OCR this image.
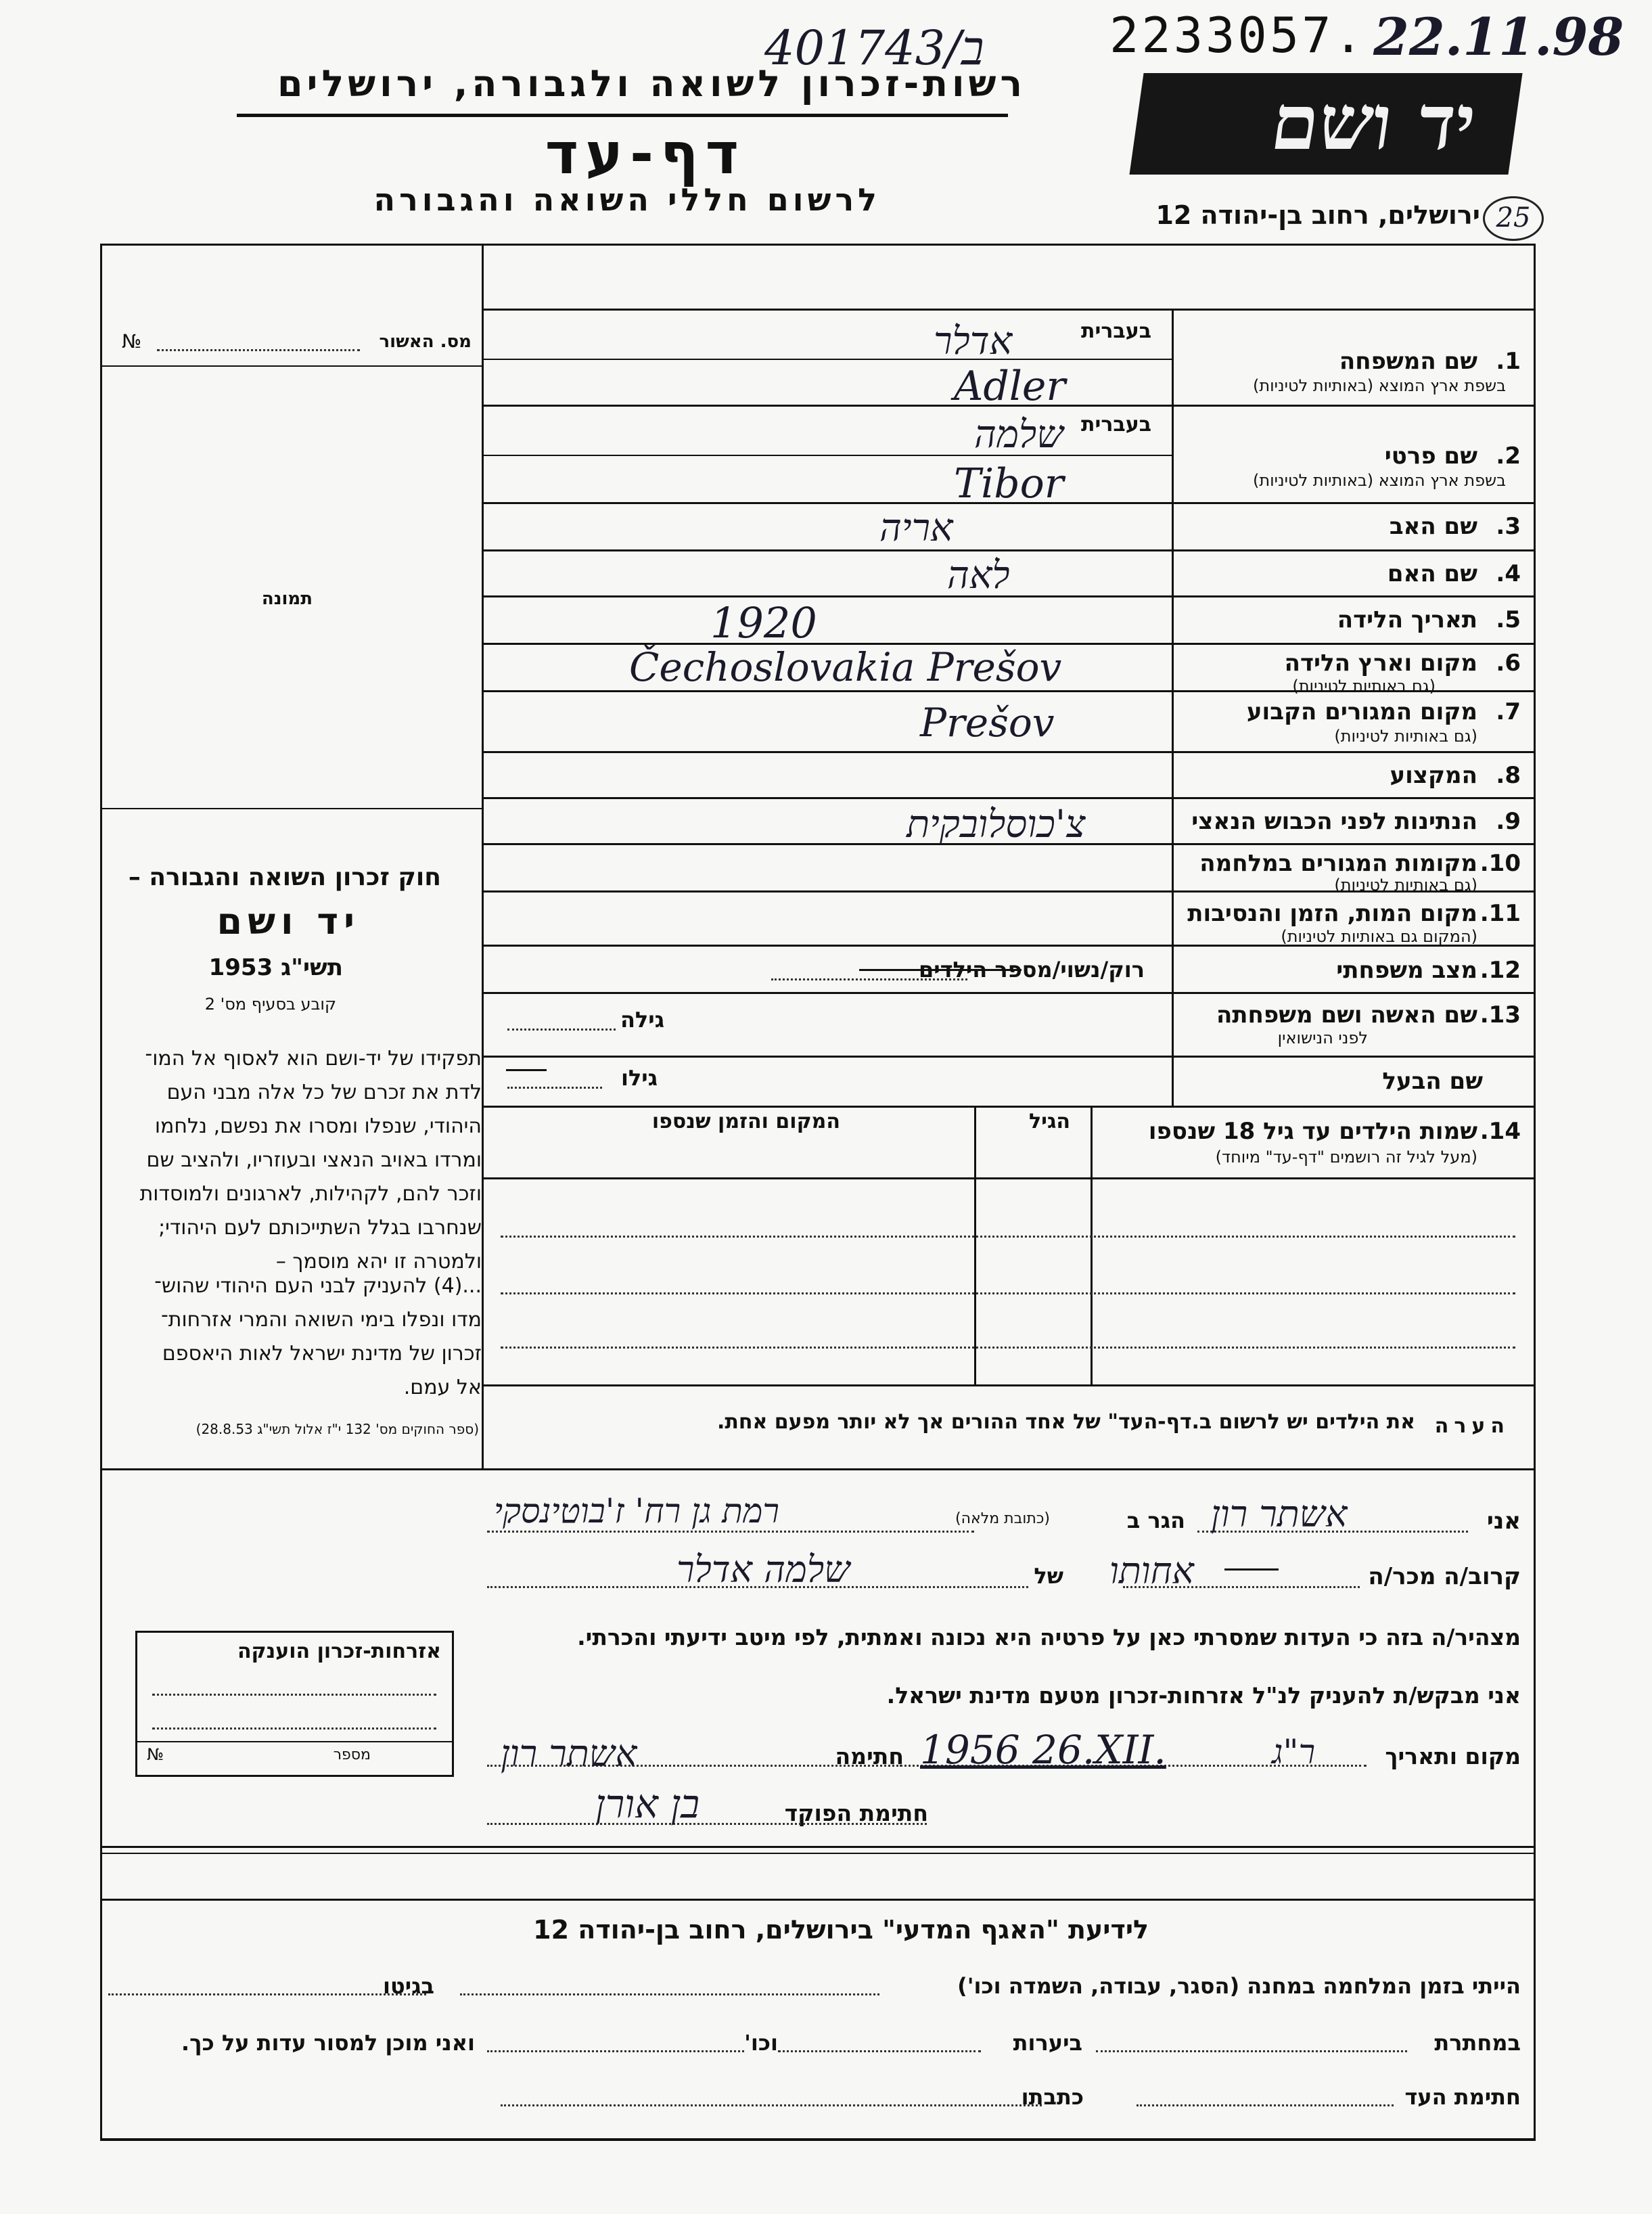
401743/ב	2233057. 22.11.98
רשות-זכרון לשואה ולגבורה, ירושלים
דף-עד
לרשום חללי השואה והגבורה
יד ושם
ירושלים, רחוב בן-יהודה 12 25
מס. האשור
№
תמונה
חוק זכרון השואה והגבורה –
יד ושם
תשי"ג 1953
קובע בסעיף מס' 2
תפקידו של יד-ושם הוא לאסוף אל המו־
לדת את זכרם של כל אלה מבני העם
היהודי, שנפלו ומסרו את נפשם, נלחמו
ומרדו באויב הנאצי ובעוזריו, ולהציב שם
וזכר להם, לקהילות, לארגונים ולמוסדות
שנחרבו בגלל השתייכותם לעם היהודי;
ולמטרה זו יהא מוסמך –
...(4) להעניק לבני העם היהודי שהוש־
מדו ונפלו בימי השואה והמרי אזרחות־
זכרון של מדינת ישראל לאות היאספם
אל עמם.
(ספר החוקים מס' 132 י"ז אלול תשי"ג 28.8.53)
אזרחות-זכרון הוענקה
מספר
№
בעברית
1.
שם המשפחה
בשפת ארץ המוצא (באותיות לטיניות)
בעברית
2.
שם פרטי
בשפת ארץ המוצא (באותיות לטיניות)
3.
שם האב
4.
שם האם
5.
תאריך הלידה
6.
מקום וארץ הלידה
(גם באותיות לטיניות)
7.
מקום המגורים הקבוע
(גם באותיות לטיניות)
8.
המקצוע
9.
הנתינות לפני הכבוש הנאצי
10.
מקומות המגורים במלחמה
(גם באותיות לטיניות)
11.
מקום המות, הזמן והנסיבות
(המקום גם באותיות לטיניות)
12.
מצב משפחתי
13.
שם האשה ושם משפחתה
לפני הנישואין
שם הבעל
אדלר
Adler
שלמה
Tibor
אריה
לאה
1920
Čechoslovakia Prešov
Prešov
צ'כוסלובקית
רוק/נשוי/מספר הילדים
גילה
גילו
14.
שמות הילדים עד גיל 18 שנספו
(מעל לגיל זה רושמים "דף-עד" מיוחד)
הגיל
המקום והזמן שנספו
הערה
את הילדים יש לרשום ב.דף-העד" של אחד ההורים אך לא יותר מפעם אחת.
אני
אשתר רון
הגר ב
(כתובת מלאה)
רמת גן רח' ז'בוטינסקי
קרוב/ה מכר/ה
אחותו
של
שלמה אדלר
מצהיר/ה בזה כי העדות שמסרתי כאן על פרטיה היא נכונה ואמתית, לפי מיטב ידיעתי והכרתי.
אני מבקש/ת להעניק לנ"ל אזרחות-זכרון מטעם מדינת ישראל.
מקום ותאריך
ר"ג
1956 26.XII.
חתימה
אשתר רון
חתימת הפוקד
בן אורן
לידיעת "האגף המדעי" בירושלים, רחוב בן-יהודה 12
הייתי בזמן המלחמה במחנה (הסגר, עבודה, השמדה וכו')
בגיטו
במחתרת
ביערות
וכו'
ואני מוכן למסור עדות על כך.
חתימת העד
כתבתו
